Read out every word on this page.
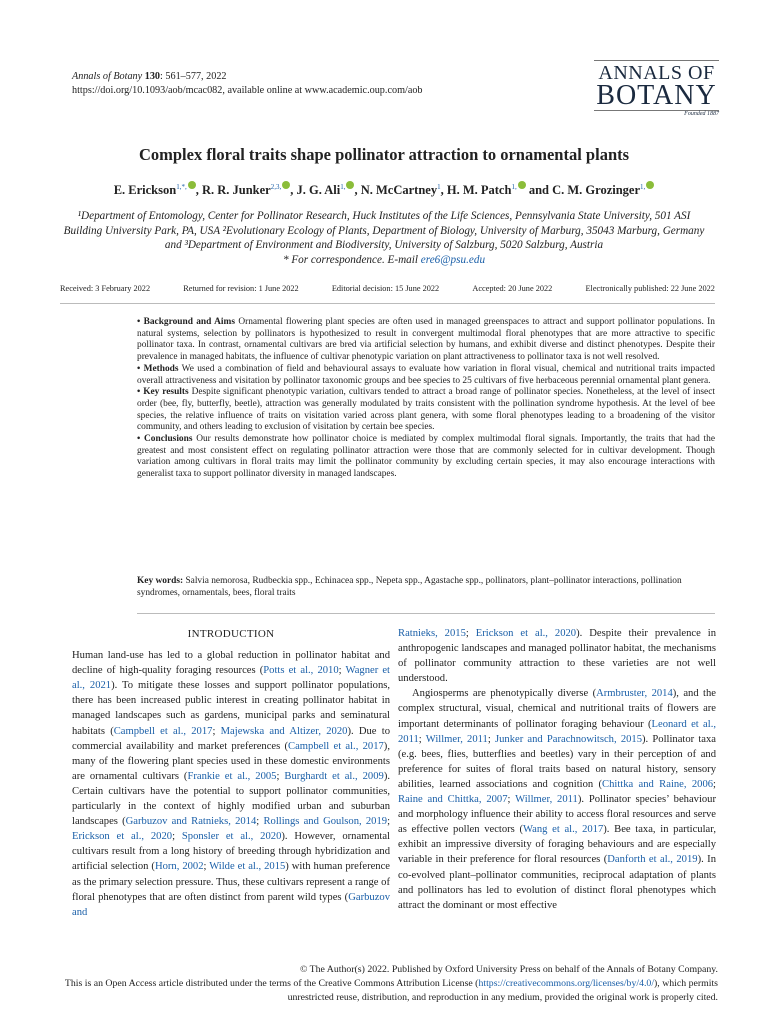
Annals of Botany 130: 561–577, 2022
https://doi.org/10.1093/aob/mcac082, available online at www.academic.oup.com/aob
ANNALS OF
BOTANY
Founded 1887
Complex floral traits shape pollinator attraction to ornamental plants
E. Erickson$^{1,*,}$ , R. R. Junker$^{2,3,}$ , J. G. Ali$^{1,}$ , N. McCartney$^1$, H. M. Patch$^{1,}$ and C. M. Grozinger$^{1,}$
¹Department of Entomology, Center for Pollinator Research, Huck Institutes of the Life Sciences, Pennsylvania State University, 501 ASI Building University Park, PA, USA ²Evolutionary Ecology of Plants, Department of Biology, University of Marburg, 35043 Marburg, Germany and ³Department of Environment and Biodiversity, University of Salzburg, 5020 Salzburg, Austria
* For correspondence. E-mail ere6@psu.edu
Received: 3 February 2022	Returned for revision: 1 June 2022	Editorial decision: 15 June 2022	Accepted: 20 June 2022	Electronically published: 22 June 2022

• Background and Aims Ornamental flowering plant species are often used in managed greenspaces to attract and support pollinator populations. In natural systems, selection by pollinators is hypothesized to result in convergent multimodal floral phenotypes that are more attractive to specific pollinator taxa. In contrast, ornamental cultivars are bred via artificial selection by humans, and exhibit diverse and distinct phenotypes. Despite their prevalence in managed habitats, the influence of cultivar phenotypic variation on plant attractiveness to pollinator taxa is not well resolved.

• Methods We used a combination of field and behavioural assays to evaluate how variation in floral visual, chemical and nutritional traits impacted overall attractiveness and visitation by pollinator taxonomic groups and bee species to 25 cultivars of five herbaceous perennial ornamental plant genera.

• Key results Despite significant phenotypic variation, cultivars tended to attract a broad range of pollinator species. Nonetheless, at the level of insect order (bee, fly, butterfly, beetle), attraction was generally modulated by traits consistent with the pollination syndrome hypothesis. At the level of bee species, the relative influence of traits on visitation varied across plant genera, with some floral phenotypes leading to a broadening of the visitor community, and others leading to exclusion of visitation by certain bee species.

• Conclusions Our results demonstrate how pollinator choice is mediated by complex multimodal floral signals. Importantly, the traits that had the greatest and most consistent effect on regulating pollinator attraction were those that are commonly selected for in cultivar development. Though variation among cultivars in floral traits may limit the pollinator community by excluding certain species, it may also encourage interactions with generalist taxa to support pollinator diversity in managed landscapes.

Key words: Salvia nemorosa, Rudbeckia spp., Echinacea spp., Nepeta spp., Agastache spp., pollinators, plant–pollinator interactions, pollination syndromes, ornamentals, bees, floral traits
INTRODUCTION

Human land-use has led to a global reduction in pollinator habitat and decline of high-quality foraging resources (Potts et al., 2010; Wagner et al., 2021). To mitigate these losses and support pollinator populations, there has been increased public interest in creating pollinator habitat in managed landscapes such as gardens, municipal parks and seminatural habitats (Campbell et al., 2017; Majewska and Altizer, 2020). Due to commercial availability and market preferences (Campbell et al., 2017), many of the flowering plant species used in these domestic environments are ornamental cultivars (Frankie et al., 2005; Burghardt et al., 2009). Certain cultivars have the potential to support pollinator communities, particularly in the context of highly modified urban and suburban landscapes (Garbuzov and Ratnieks, 2014; Rollings and Goulson, 2019; Erickson et al., 2020; Sponsler et al., 2020). However, ornamental cultivars result from a long history of breeding through hybridization and artificial selection (Horn, 2002; Wilde et al., 2015) with human preference as the primary selection pressure. Thus, these cultivars represent a range of floral phenotypes that are often distinct from parent wild types (Garbuzov and

Ratnieks, 2015; Erickson et al., 2020). Despite their prevalence in anthropogenic landscapes and managed pollinator habitat, the mechanisms of pollinator community attraction to these varieties are not well understood.

Angiosperms are phenotypically diverse (Armbruster, 2014), and the complex structural, visual, chemical and nutritional traits of flowers are important determinants of pollinator foraging behaviour (Leonard et al., 2011; Willmer, 2011; Junker and Parachnowitsch, 2015). Pollinator taxa (e.g. bees, flies, butterflies and beetles) vary in their perception of and preference for suites of floral traits based on natural history, sensory abilities, learned associations and cognition (Chittka and Raine, 2006; Raine and Chittka, 2007; Willmer, 2011). Pollinator species’ behaviour and morphology influence their ability to access floral resources and serve as effective pollen vectors (Wang et al., 2017). Bee taxa, in particular, exhibit an impressive diversity of foraging behaviours and are especially variable in their preference for floral resources (Danforth et al., 2019). In co-evolved plant–pollinator communities, reciprocal adaptation of plants and pollinators has led to evolution of distinct floral phenotypes which attract the dominant or most effective

© The Author(s) 2022. Published by Oxford University Press on behalf of the Annals of Botany Company.
This is an Open Access article distributed under the terms of the Creative Commons Attribution License (https://creativecommons.org/licenses/by/4.0/), which permits unrestricted reuse, distribution, and reproduction in any medium, provided the original work is properly cited.
